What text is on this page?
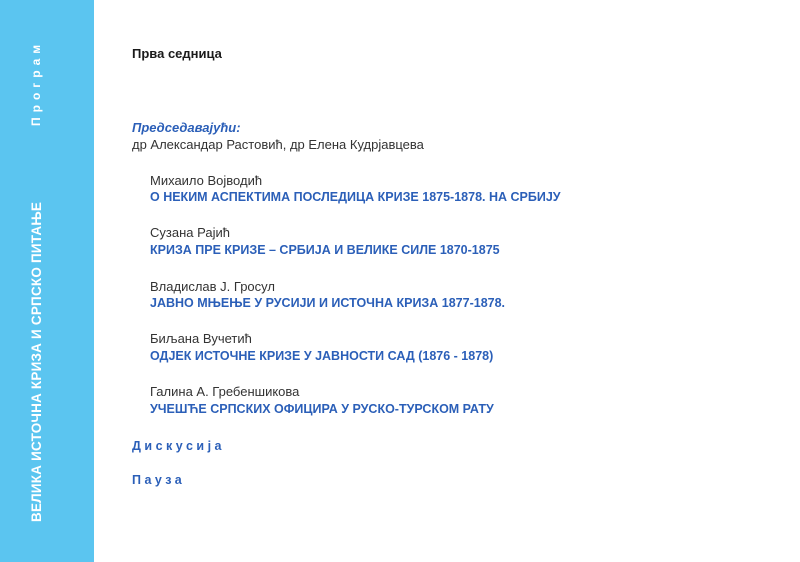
Програм
ВЕЛИКА ИСТОЧНА КРИЗА И СРПСКО ПИТАЊЕ
Прва седница
Председавајући:
др Александар Растовић, др Елена Кудрјавцева
Михаило Војводић
О НЕКИМ АСПЕКТИМА ПОСЛЕДИЦА КРИЗЕ 1875-1878. НА СРБИЈУ
Сузана Рајић
КРИЗА ПРЕ КРИЗЕ – СРБИЈА И ВЕЛИКЕ СИЛЕ 1870-1875
Владислав Ј. Гросул
ЈАВНО МЊЕЊЕ У РУСИЈИ И ИСТОЧНА КРИЗА 1877-1878.
Биљана Вучетић
ОДЈЕК ИСТОЧНЕ КРИЗЕ У ЈАВНОСТИ САД (1876 - 1878)
Галина А. Гребеншикова
УЧЕШЋЕ СРПСКИХ ОФИЦИРА У РУСКО-ТУРСКОМ РАТУ
Дискусија
Пауза
